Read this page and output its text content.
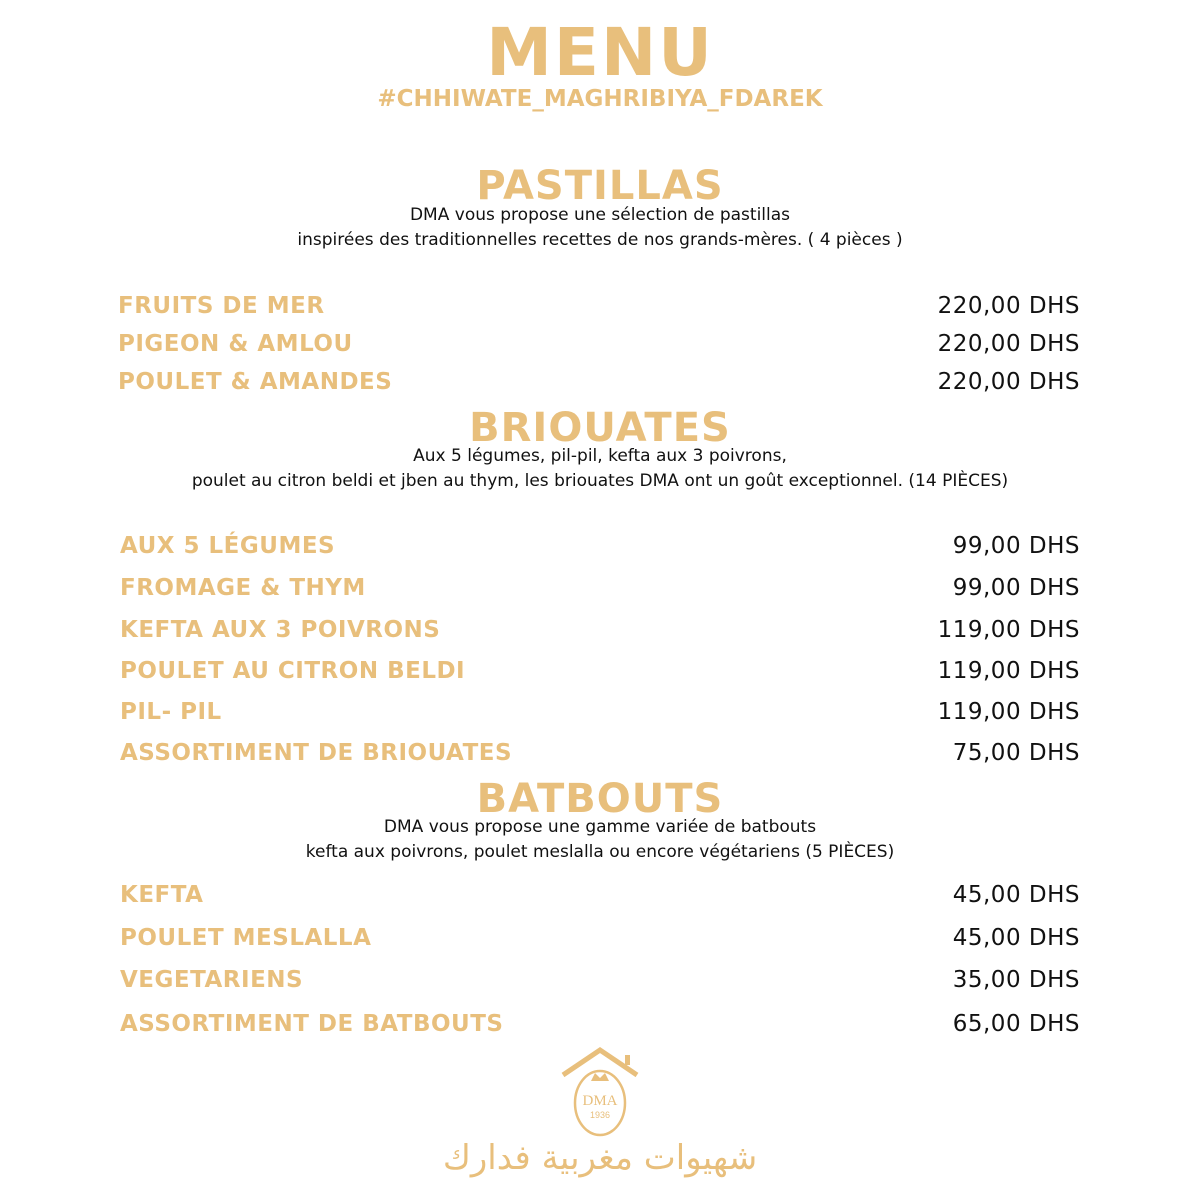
MENU
#CHHIWATE_MAGHRIBIYA_FDAREK
PASTILLAS
DMA vous propose une sélection de pastillas
inspirées des traditionnelles recettes de nos grands-mères. ( 4 pièces )
FRUITS DE MER	220,00 DHS
PIGEON & AMLOU	220,00 DHS
POULET & AMANDES	220,00 DHS
BRIOUATES
Aux 5 légumes, pil-pil, kefta aux 3 poivrons,
poulet au citron beldi et jben au thym, les briouates DMA ont un goût exceptionnel. (14 PIÈCES)
AUX 5 LÉGUMES	99,00 DHS
FROMAGE & THYM	99,00 DHS
KEFTA AUX 3 POIVRONS	119,00 DHS
POULET AU CITRON BELDI	119,00 DHS
PIL- PIL	119,00 DHS
ASSORTIMENT DE BRIOUATES	75,00 DHS
BATBOUTS
DMA vous propose une gamme variée de batbouts
kefta aux poivrons, poulet meslalla ou encore végétariens (5 PIÈCES)
KEFTA	45,00 DHS
POULET MESLALLA	45,00 DHS
VEGETARIENS	35,00 DHS
ASSORTIMENT DE BATBOUTS	65,00 DHS
DMA
1936
شهيوات مغربية فدارك
